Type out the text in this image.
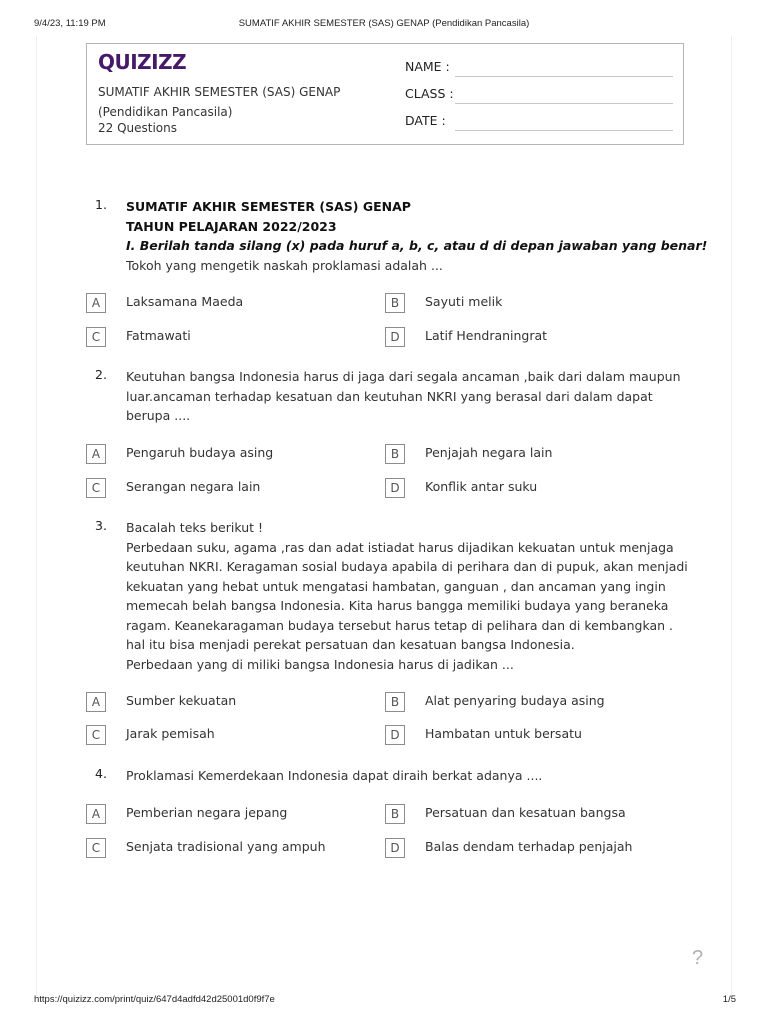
9/4/23, 11:19 PM	SUMATIF AKHIR SEMESTER (SAS) GENAP (Pendidikan Pancasila)
QUIZIZZ
SUMATIF AKHIR SEMESTER (SAS) GENAP
(Pendidikan Pancasila)
22 Questions
NAME :
CLASS :
DATE :
1. SUMATIF AKHIR SEMESTER (SAS) GENAP
TAHUN PELAJARAN 2022/2023
I. Berilah tanda silang (x) pada huruf a, b, c, atau d di depan jawaban yang benar!
Tokoh yang mengetik naskah proklamasi adalah ...
A	Laksamana Maeda	B	Sayuti melik
C	Fatmawati	D	Latif Hendraningrat
2. Keutuhan bangsa Indonesia harus di jaga dari segala ancaman ,baik dari dalam maupun
luar.ancaman terhadap kesatuan dan keutuhan NKRI yang berasal dari dalam dapat
berupa ....
A	Pengaruh budaya asing	B	Penjajah negara lain
C	Serangan negara lain	D	Konflik antar suku
3. Bacalah teks berikut !
Perbedaan suku, agama ,ras dan adat istiadat harus dijadikan kekuatan untuk menjaga
keutuhan NKRI. Keragaman sosial budaya apabila di perihara dan di pupuk, akan menjadi
kekuatan yang hebat untuk mengatasi hambatan, ganguan , dan ancaman yang ingin
memecah belah bangsa Indonesia. Kita harus bangga memiliki budaya yang beraneka
ragam. Keanekaragaman budaya tersebut harus tetap di pelihara dan di kembangkan .
hal itu bisa menjadi perekat persatuan dan kesatuan bangsa Indonesia.
Perbedaan yang di miliki bangsa Indonesia harus di jadikan ...
A	Sumber kekuatan	B	Alat penyaring budaya asing
C	Jarak pemisah	D	Hambatan untuk bersatu
4. Proklamasi Kemerdekaan Indonesia dapat diraih berkat adanya ....
A	Pemberian negara jepang	B	Persatuan dan kesatuan bangsa
C	Senjata tradisional yang ampuh	D	Balas dendam terhadap penjajah
?
https://quizizz.com/print/quiz/647d4adfd42d25001d0f9f7e	1/5
